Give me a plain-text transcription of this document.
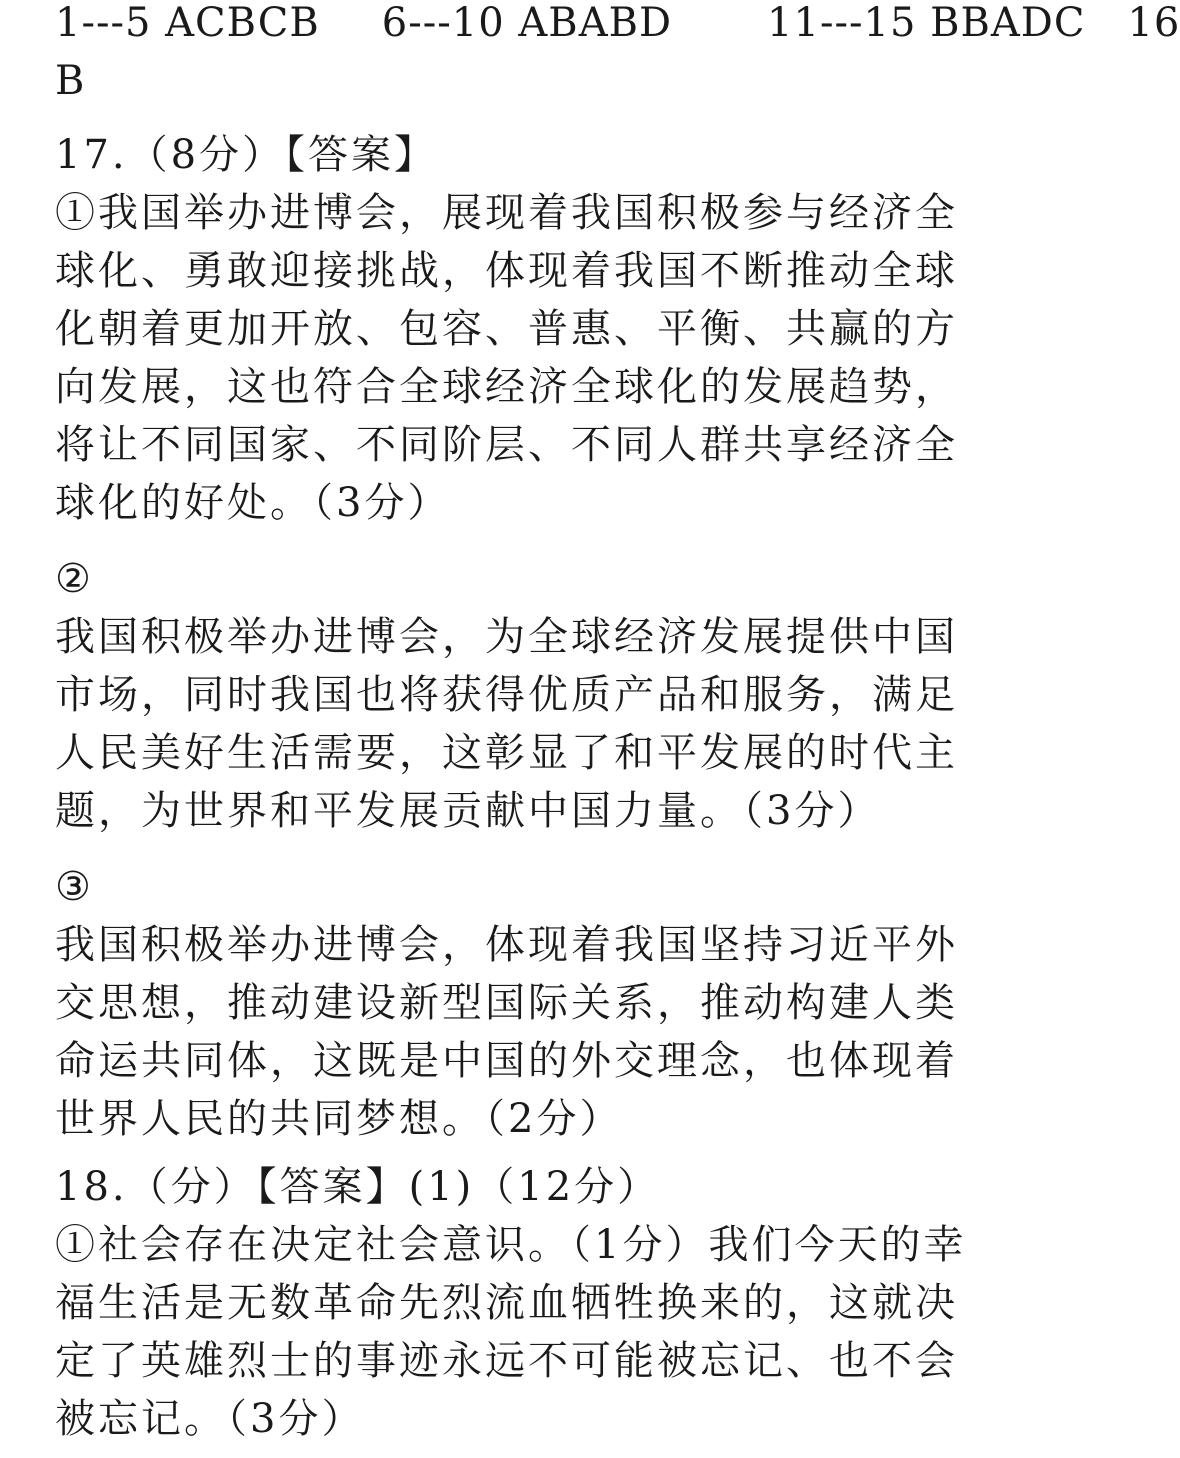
1---5 ACBCB 6---10 ABABD 11---15 BBADC 16
B
17.（8分）【答案】
①我国举办进博会，展现着我国积极参与经济全
球化、勇敢迎接挑战，体现着我国不断推动全球
化朝着更加开放、包容、普惠、平衡、共赢的方
向发展，这也符合全球经济全球化的发展趋势，
将让不同国家、不同阶层、不同人群共享经济全
球化的好处。（3分）
②
我国积极举办进博会，为全球经济发展提供中国
市场，同时我国也将获得优质产品和服务，满足
人民美好生活需要，这彰显了和平发展的时代主
题，为世界和平发展贡献中国力量。（3分）
③
我国积极举办进博会，体现着我国坚持习近平外
交思想，推动建设新型国际关系，推动构建人类
命运共同体，这既是中国的外交理念，也体现着
世界人民的共同梦想。（2分）
18.（分）【答案】(1)（12分）
①社会存在决定社会意识。（1分）我们今天的幸
福生活是无数革命先烈流血牺牲换来的，这就决
定了英雄烈士的事迹永远不可能被忘记、也不会
被忘记。（3分）
